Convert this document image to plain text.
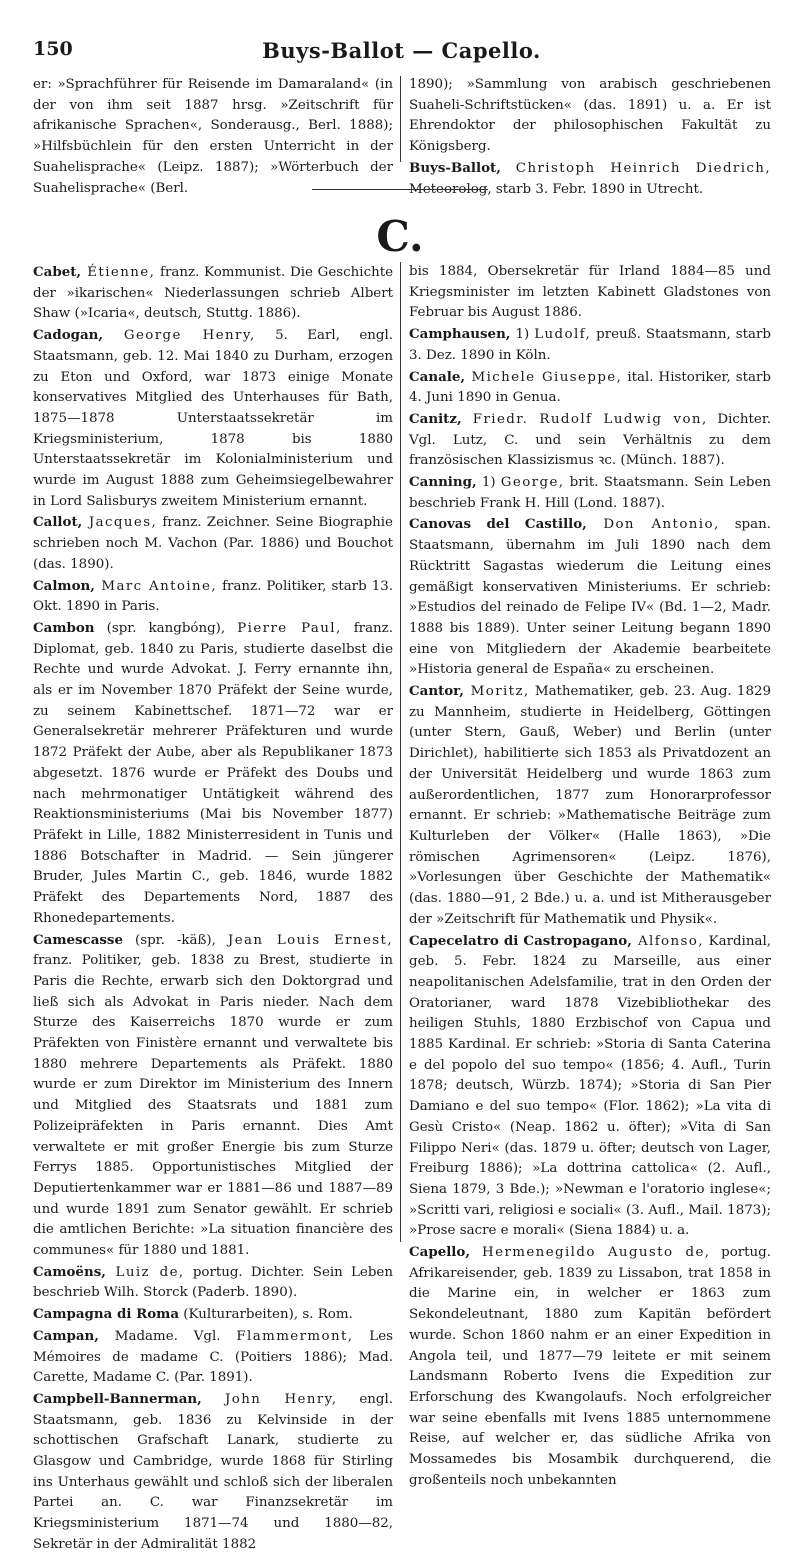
150	Buys-Ballot — Capello.

er: »Sprachführer für Reisende im Damaraland« (in der von ihm seit 1887 hrsg. »Zeitschrift für afrikanische Sprachen«, Sonderausg., Berl. 1888); »Hilfsbüchlein für den ersten Unterricht in der Suahelisprache« (Leipz. 1887); »Wörterbuch der Suahelisprache« (Berl.

1890); »Sammlung von arabisch geschriebenen Suaheli-Schriftstücken« (das. 1891) u. a. Er ist Ehrendoktor der philosophischen Fakultät zu Königsberg.

Buys-Ballot, Christoph Heinrich Diedrich, Meteorolog, starb 3. Febr. 1890 in Utrecht.

C.

Cabet, Étienne, franz. Kommunist. Die Geschichte der »ikarischen« Niederlassungen schrieb Albert Shaw (»Icaria«, deutsch, Stuttg. 1886).

Cadogan, George Henry, 5. Earl, engl. Staatsmann, geb. 12. Mai 1840 zu Durham, erzogen zu Eton und Oxford, war 1873 einige Monate konservatives Mitglied des Unterhauses für Bath, 1875—1878 Unterstaatssekretär im Kriegsministerium, 1878 bis 1880 Unterstaatssekretär im Kolonialministerium und wurde im August 1888 zum Geheimsiegelbewahrer in Lord Salisburys zweitem Ministerium ernannt.

Callot, Jacques, franz. Zeichner. Seine Biographie schrieben noch M. Vachon (Par. 1886) und Bouchot (das. 1890).

Calmon, Marc Antoine, franz. Politiker, starb 13. Okt. 1890 in Paris.

Cambon (spr. kangbóng), Pierre Paul, franz. Diplomat, geb. 1840 zu Paris, studierte daselbst die Rechte und wurde Advokat. J. Ferry ernannte ihn, als er im November 1870 Präfekt der Seine wurde, zu seinem Kabinettschef. 1871—72 war er Generalsekretär mehrerer Präfekturen und wurde 1872 Präfekt der Aube, aber als Republikaner 1873 abgesetzt. 1876 wurde er Präfekt des Doubs und nach mehrmonatiger Untätigkeit während des Reaktionsministeriums (Mai bis November 1877) Präfekt in Lille, 1882 Ministerresident in Tunis und 1886 Botschafter in Madrid. — Sein jüngerer Bruder, Jules Martin C., geb. 1846, wurde 1882 Präfekt des Departements Nord, 1887 des Rhonedepartements.

Camescasse (spr. -käß), Jean Louis Ernest, franz. Politiker, geb. 1838 zu Brest, studierte in Paris die Rechte, erwarb sich den Doktorgrad und ließ sich als Advokat in Paris nieder. Nach dem Sturze des Kaiserreichs 1870 wurde er zum Präfekten von Finistère ernannt und verwaltete bis 1880 mehrere Departements als Präfekt. 1880 wurde er zum Direktor im Ministerium des Innern und Mitglied des Staatsrats und 1881 zum Polizeipräfekten in Paris ernannt. Dies Amt verwaltete er mit großer Energie bis zum Sturze Ferrys 1885. Opportunistisches Mitglied der Deputiertenkammer war er 1881—86 und 1887—89 und wurde 1891 zum Senator gewählt. Er schrieb die amtlichen Berichte: »La situation financière des communes« für 1880 und 1881.

Camoëns, Luiz de, portug. Dichter. Sein Leben beschrieb Wilh. Storck (Paderb. 1890).

Campagna di Roma (Kulturarbeiten), s. Rom.

Campan, Madame. Vgl. Flammermont, Les Mémoires de madame C. (Poitiers 1886); Mad. Carette, Madame C. (Par. 1891).

Campbell-Bannerman, John Henry, engl. Staatsmann, geb. 1836 zu Kelvinside in der schottischen Grafschaft Lanark, studierte zu Glasgow und Cambridge, wurde 1868 für Stirling ins Unterhaus gewählt und schloß sich der liberalen Partei an. C. war Finanzsekretär im Kriegsministerium 1871—74 und 1880—82, Sekretär in der Admiralität 1882

bis 1884, Obersekretär für Irland 1884—85 und Kriegsminister im letzten Kabinett Gladstones von Februar bis August 1886.

Camphausen, 1) Ludolf, preuß. Staatsmann, starb 3. Dez. 1890 in Köln.

Canale, Michele Giuseppe, ital. Historiker, starb 4. Juni 1890 in Genua.

Canitz, Friedr. Rudolf Ludwig von, Dichter. Vgl. Lutz, C. und sein Verhältnis zu dem französischen Klassizismus ꝛc. (Münch. 1887).

Canning, 1) George, brit. Staatsmann. Sein Leben beschrieb Frank H. Hill (Lond. 1887).

Canovas del Castillo, Don Antonio, span. Staatsmann, übernahm im Juli 1890 nach dem Rücktritt Sagastas wiederum die Leitung eines gemäßigt konservativen Ministeriums. Er schrieb: »Estudios del reinado de Felipe IV« (Bd. 1—2, Madr. 1888 bis 1889). Unter seiner Leitung begann 1890 eine von Mitgliedern der Akademie bearbeitete »Historia general de España« zu erscheinen.

Cantor, Moritz, Mathematiker, geb. 23. Aug. 1829 zu Mannheim, studierte in Heidelberg, Göttingen (unter Stern, Gauß, Weber) und Berlin (unter Dirichlet), habilitierte sich 1853 als Privatdozent an der Universität Heidelberg und wurde 1863 zum außerordentlichen, 1877 zum Honorarprofessor ernannt. Er schrieb: »Mathematische Beiträge zum Kulturleben der Völker« (Halle 1863), »Die römischen Agrimensoren« (Leipz. 1876), »Vorlesungen über Geschichte der Mathematik« (das. 1880—91, 2 Bde.) u. a. und ist Mitherausgeber der »Zeitschrift für Mathematik und Physik«.

Capecelatro di Castropagano, Alfonso, Kardinal, geb. 5. Febr. 1824 zu Marseille, aus einer neapolitanischen Adelsfamilie, trat in den Orden der Oratorianer, ward 1878 Vizebibliothekar des heiligen Stuhls, 1880 Erzbischof von Capua und 1885 Kardinal. Er schrieb: »Storia di Santa Caterina e del popolo del suo tempo« (1856; 4. Aufl., Turin 1878; deutsch, Würzb. 1874); »Storia di San Pier Damiano e del suo tempo« (Flor. 1862); »La vita di Gesù Cristo« (Neap. 1862 u. öfter); »Vita di San Filippo Neri« (das. 1879 u. öfter; deutsch von Lager, Freiburg 1886); »La dottrina cattolica« (2. Aufl., Siena 1879, 3 Bde.); »Newman e l'oratorio inglese«; »Scritti vari, religiosi e sociali« (3. Aufl., Mail. 1873); »Prose sacre e morali« (Siena 1884) u. a.

Capello, Hermenegildo Augusto de, portug. Afrikareisender, geb. 1839 zu Lissabon, trat 1858 in die Marine ein, in welcher er 1863 zum Sekondeleutnant, 1880 zum Kapitän befördert wurde. Schon 1860 nahm er an einer Expedition in Angola teil, und 1877—79 leitete er mit seinem Landsmann Roberto Ivens die Expedition zur Erforschung des Kwangolaufs. Noch erfolgreicher war seine ebenfalls mit Ivens 1885 unternommene Reise, auf welcher er, das südliche Afrika von Mossamedes bis Mosambik durchquerend, die großenteils noch unbekannten
